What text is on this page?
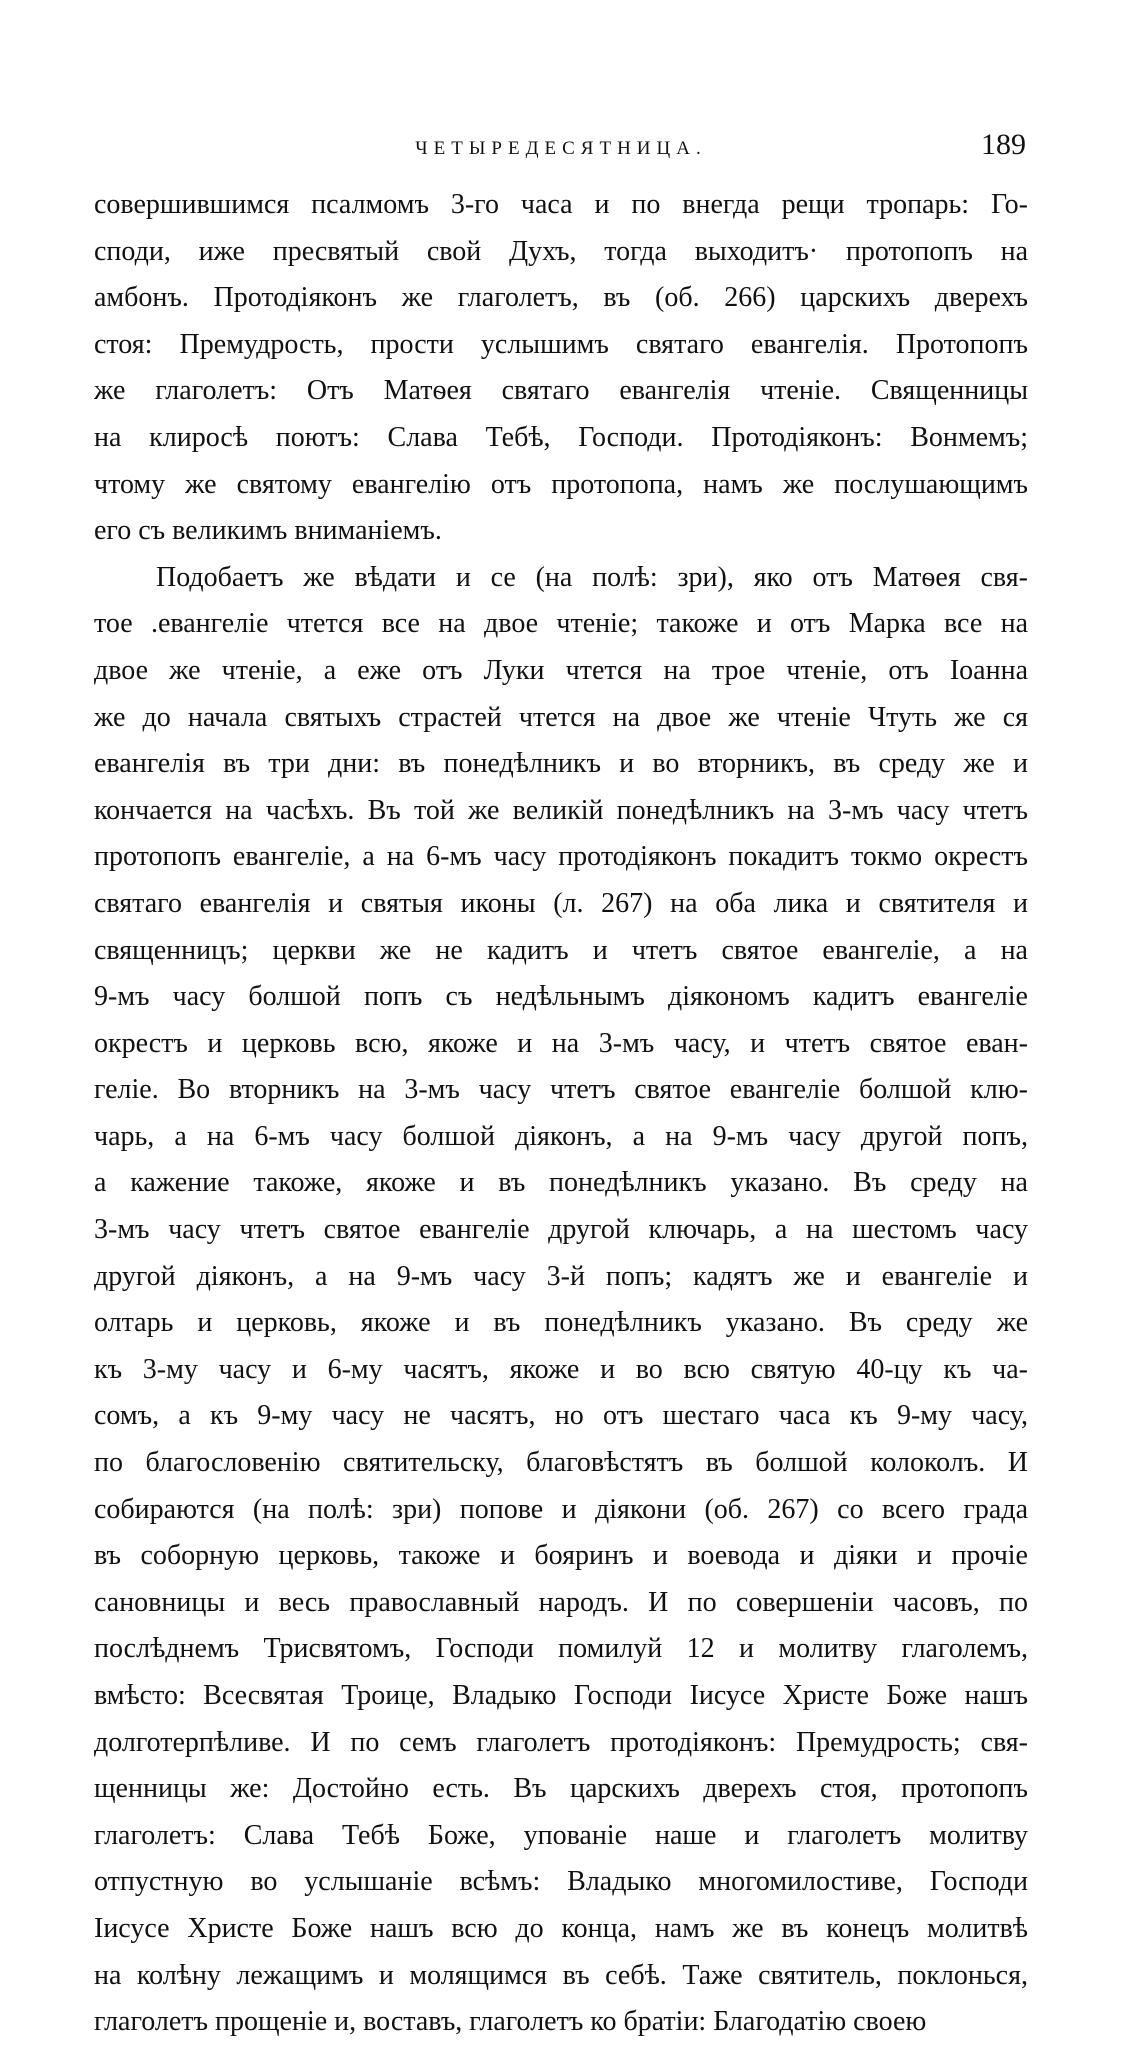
ЧЕТЫРЕДЕСЯТНИЦА.	189
совершившимся псалмомъ 3-го часа и по внегда рещи тропарь: Го-
споди, иже пресвятый свой Духъ, тогда выходитъ· протопопъ на
амбонъ. Протодіяконъ же глаголетъ, въ (об. 266) царскихъ дверехъ
стоя: Премудрость, прости услышимъ святаго евангелія. Протопопъ
же глаголетъ: Отъ Матѳея святаго евангелія чтеніе. Священницы
на клиросѣ поютъ: Слава Тебѣ, Господи. Протодіяконъ: Вонмемъ;
чтому же святому евангелію отъ протопопа, намъ же послушающимъ
его съ великимъ вниманіемъ.
Подобаетъ же вѣдати и се (на полѣ: зри), яко отъ Матѳея свя-
тое .евангеліе чтется все на двое чтеніе; такоже и отъ Марка все на
двое же чтеніе, а еже отъ Луки чтется на трое чтеніе, отъ Іоанна
же до начала святыхъ страстей чтется на двое же чтеніе Чтуть же ся
евангелія въ три дни: въ понедѣлникъ и во вторникъ, въ среду же и
кончается на часѣхъ. Въ той же великій понедѣлникъ на 3-мъ часу чтетъ
протопопъ евангеліе, а на 6-мъ часу протодіяконъ покадитъ токмо окрестъ
святаго евангелія и святыя иконы (л. 267) на оба лика и святителя и
священницъ; церкви же не кадитъ и чтетъ святое евангеліе, а на
9-мъ часу болшой попъ съ недѣльнымъ діякономъ кадитъ евангеліе
окрестъ и церковь всю, якоже и на 3-мъ часу, и чтетъ святое еван-
геліе. Во вторникъ на 3-мъ часу чтетъ святое евангеліе болшой клю-
чарь, а на 6-мъ часу болшой діяконъ, а на 9-мъ часу другой попъ,
а кажение такоже, якоже и въ понедѣлникъ указано. Въ среду на
3-мъ часу чтетъ святое евангеліе другой ключарь, а на шестомъ часу
другой діяконъ, а на 9-мъ часу 3-й попъ; кадятъ же и евангеліе и
олтарь и церковь, якоже и въ понедѣлникъ указано. Въ среду же
къ 3-му часу и 6-му часятъ, якоже и во всю святую 40-цу къ ча-
сомъ, а къ 9-му часу не часятъ, но отъ шестаго часа къ 9-му часу,
по благословенію святительску, благовѣстятъ въ болшой колоколъ. И
собираются (на полѣ: зри) попове и діякони (об. 267) со всего града
въ соборную церковь, такоже и бояринъ и воевода и діяки и прочіе
сановницы и весь православный народъ. И по совершеніи часовъ, по
послѣднемъ Трисвятомъ, Господи помилуй 12 и молитву глаголемъ,
вмѣсто: Всесвятая Троице, Владыко Господи Іисусе Христе Боже нашъ
долготерпѣливе. И по семъ глаголетъ протодіяконъ: Премудрость; свя-
щенницы же: Достойно есть. Въ царскихъ дверехъ стоя, протопопъ
глаголетъ: Слава Тебѣ Боже, упованіе наше и глаголетъ молитву
отпустную во услышаніе всѣмъ: Владыко многомилостиве, Господи
Іисусе Христе Боже нашъ всю до конца, намъ же въ конецъ молитвѣ
на колѣну лежащимъ и молящимся въ себѣ. Таже святитель, поклонься,
глаголетъ прощеніе и, воставъ, глаголетъ ко братіи: Благодатію своею
